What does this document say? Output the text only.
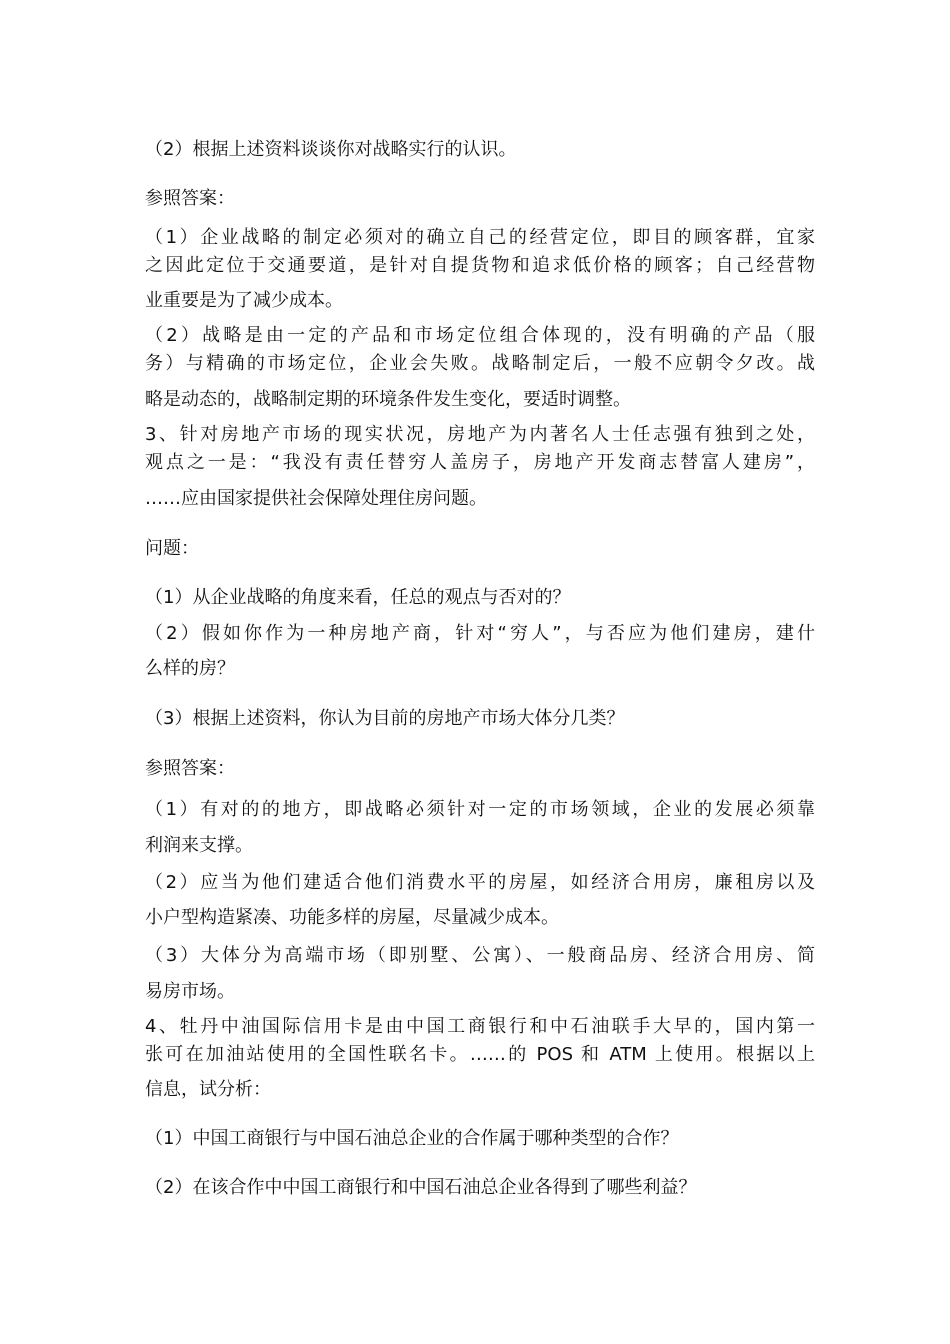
（2）根据上述资料谈谈你对战略实行的认识。
参照答案：
（1）企业战略的制定必须对的确立自己的经营定位，即目的顾客群，宜家
之因此定位于交通要道，是针对自提货物和追求低价格的顾客；自己经营物
业重要是为了减少成本。
（2）战略是由一定的产品和市场定位组合体现的，没有明确的产品（服
务）与精确的市场定位，企业会失败。战略制定后，一般不应朝令夕改。战
略是动态的，战略制定期的环境条件发生变化，要适时调整。
3、针对房地产市场的现实状况，房地产为内著名人士任志强有独到之处，
观点之一是：“我没有责任替穷人盖房子，房地产开发商志替富人建房”，
……应由国家提供社会保障处理住房问题。
问题：
（1）从企业战略的角度来看，任总的观点与否对的？
（2）假如你作为一种房地产商，针对“穷人”，与否应为他们建房，建什
么样的房？
（3）根据上述资料，你认为目前的房地产市场大体分几类？
参照答案：
（1）有对的的地方，即战略必须针对一定的市场领域，企业的发展必须靠
利润来支撑。
（2）应当为他们建适合他们消费水平的房屋，如经济合用房，廉租房以及
小户型构造紧凑、功能多样的房屋，尽量减少成本。
（3）大体分为高端市场（即别墅、公寓）、一般商品房、经济合用房、简
易房市场。
4、牡丹中油国际信用卡是由中国工商银行和中石油联手大早的，国内第一
张可在加油站使用的全国性联名卡。……的 POS 和 ATM 上使用。根据以上
信息，试分析：
（1）中国工商银行与中国石油总企业的合作属于哪种类型的合作？
（2）在该合作中中国工商银行和中国石油总企业各得到了哪些利益？
